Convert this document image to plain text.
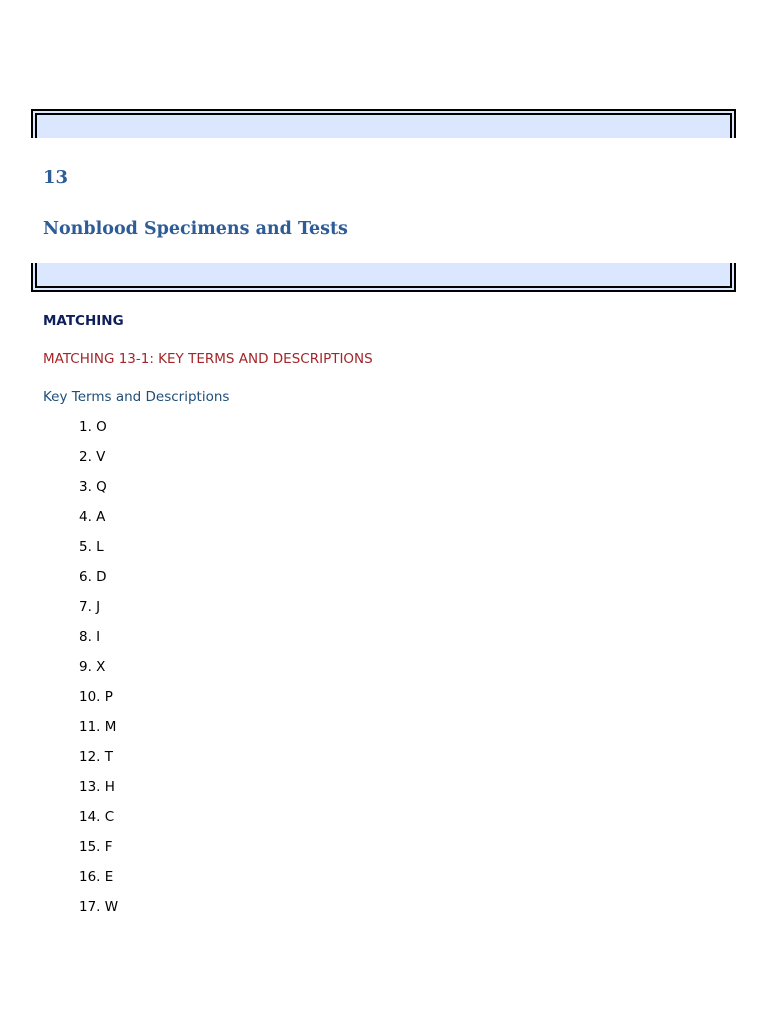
13
Nonblood Specimens and Tests
MATCHING
MATCHING 13-1: KEY TERMS AND DESCRIPTIONS
Key Terms and Descriptions
1. O
2. V
3. Q
4. A
5. L
6. D
7. J
8. I
9. X
10. P
11. M
12. T
13. H
14. C
15. F
16. E
17. W
